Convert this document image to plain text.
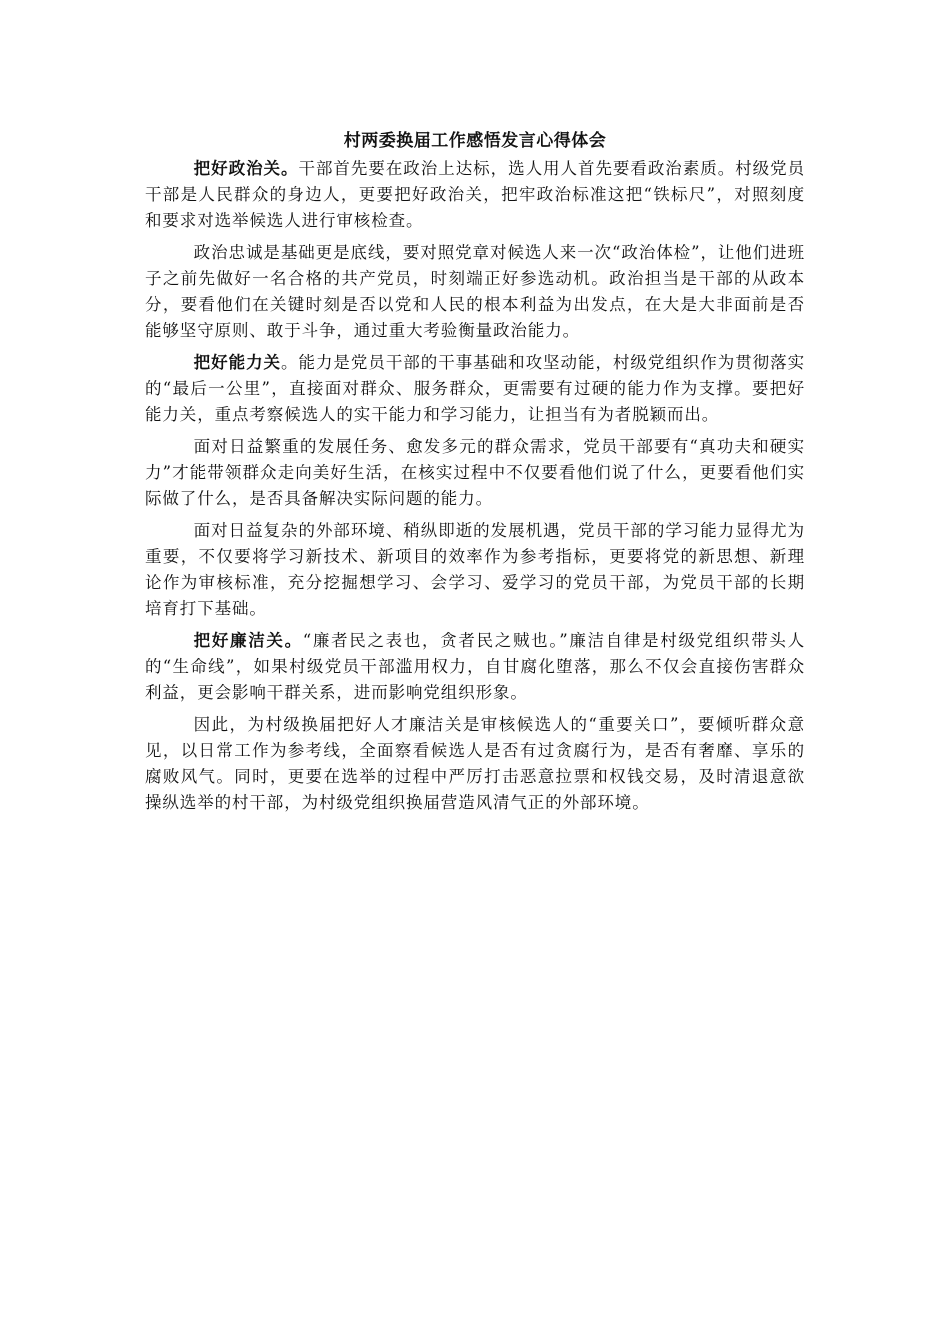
村两委换届工作感悟发言心得体会

把好政治关。干部首先要在政治上达标，选人用人首先要看政治素质。村级党员干部是人民群众的身边人，更要把好政治关，把牢政治标准这把“铁标尺”，对照刻度和要求对选举候选人进行审核检查。

政治忠诚是基础更是底线，要对照党章对候选人来一次“政治体检”，让他们进班子之前先做好一名合格的共产党员，时刻端正好参选动机。政治担当是干部的从政本分，要看他们在关键时刻是否以党和人民的根本利益为出发点，在大是大非面前是否能够坚守原则、敢于斗争，通过重大考验衡量政治能力。

把好能力关。能力是党员干部的干事基础和攻坚动能，村级党组织作为贯彻落实的“最后一公里”，直接面对群众、服务群众，更需要有过硬的能力作为支撑。要把好能力关，重点考察候选人的实干能力和学习能力，让担当有为者脱颖而出。

面对日益繁重的发展任务、愈发多元的群众需求，党员干部要有“真功夫和硬实力”才能带领群众走向美好生活，在核实过程中不仅要看他们说了什么，更要看他们实际做了什么，是否具备解决实际问题的能力。

面对日益复杂的外部环境、稍纵即逝的发展机遇，党员干部的学习能力显得尤为重要，不仅要将学习新技术、新项目的效率作为参考指标，更要将党的新思想、新理论作为审核标准，充分挖掘想学习、会学习、爱学习的党员干部，为党员干部的长期培育打下基础。

把好廉洁关。“廉者民之表也，贪者民之贼也。”廉洁自律是村级党组织带头人的“生命线”，如果村级党员干部滥用权力，自甘腐化堕落，那么不仅会直接伤害群众利益，更会影响干群关系，进而影响党组织形象。

因此，为村级换届把好人才廉洁关是审核候选人的“重要关口”，要倾听群众意见，以日常工作为参考线，全面察看候选人是否有过贪腐行为，是否有奢靡、享乐的腐败风气。同时，更要在选举的过程中严厉打击恶意拉票和权钱交易，及时清退意欲操纵选举的村干部，为村级党组织换届营造风清气正的外部环境。
